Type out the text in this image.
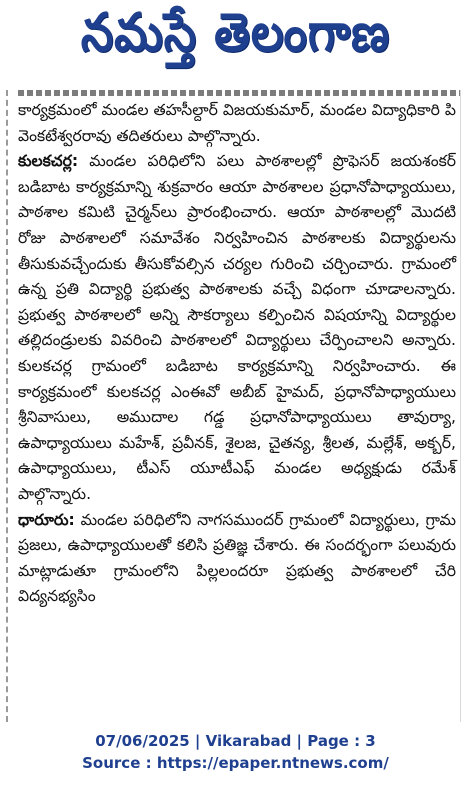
నమస్తే తెలంగాణ

కార్యక్రమంలో మండల తహసీల్దార్ విజయకుమార్, మండల విద్యాధికారి పి వెంకటేశ్వరరావు తదితరులు పాల్గొన్నారు.

కులకచర్ల: మండల పరిధిలోని పలు పాఠశాలల్లో ప్రొఫెసర్ జయశంకర్ బడిబాట కార్యక్రమాన్ని శుక్రవారం ఆయా పాఠశాలల ప్రధానోపాధ్యాయులు, పాఠశాల కమిటి చైర్మన్‌లు ప్రారంభించారు. ఆయా పాఠశాలల్లో మొదటి రోజు పాఠశాలలో సమావేశం నిర్వహించిన పాఠశాలకు విద్యార్థులను తీసుకువచ్చేందుకు తీసుకోవల్సిన చర్యల గురించి చర్చించారు. గ్రామంలో ఉన్న ప్రతి విద్యార్థి ప్రభుత్వ పాఠశాలకు వచ్చే విధంగా చూడాలన్నారు. ప్రభుత్వ పాఠశాలలో అన్ని సౌకర్యాలు కల్పించిన విషయాన్ని విద్యార్థుల తల్లిదండ్రులకు వివరించి పాఠశాలలో విద్యార్థులు చేర్పించాలని అన్నారు. కులకచర్ల గ్రామంలో బడిబాట కార్యక్రమాన్ని నిర్వహించారు. ఈ కార్యక్రమంలో కులకచర్ల ఎంఈవో అబీబ్ హైమద్, ప్రధానోపాధ్యాయులు శ్రీనివాసులు, అముదాల గడ్డ ప్రధానోపాధ్యాయులు తావుర్యా, ఉపాధ్యాయులు మహేశ్, ప్రవీనక్, శైలజ, చైతన్య, శ్రీలత, మల్లేశ్, అక్బర్, ఉపాధ్యాయులు, టీఎస్ యూటీఎఫ్ మండల అధ్యక్షుడు రమేశ్ పాల్గొన్నారు.

ధారూరు: మండల పరిధిలోని నాగసముందర్ గ్రామంలో విద్యార్థులు, గ్రామ ప్రజలు, ఉపాధ్యాయులతో కలిసి ప్రతిజ్ఞ చేశారు. ఈ సందర్భంగా పలువురు మాట్లాడుతూ గ్రామంలోని పిల్లలందరూ ప్రభుత్వ పాఠశాలలో చేరి విద్యనభ్యసిం

07/06/2025 | Vikarabad | Page : 3
Source : https://epaper.ntnews.com/
